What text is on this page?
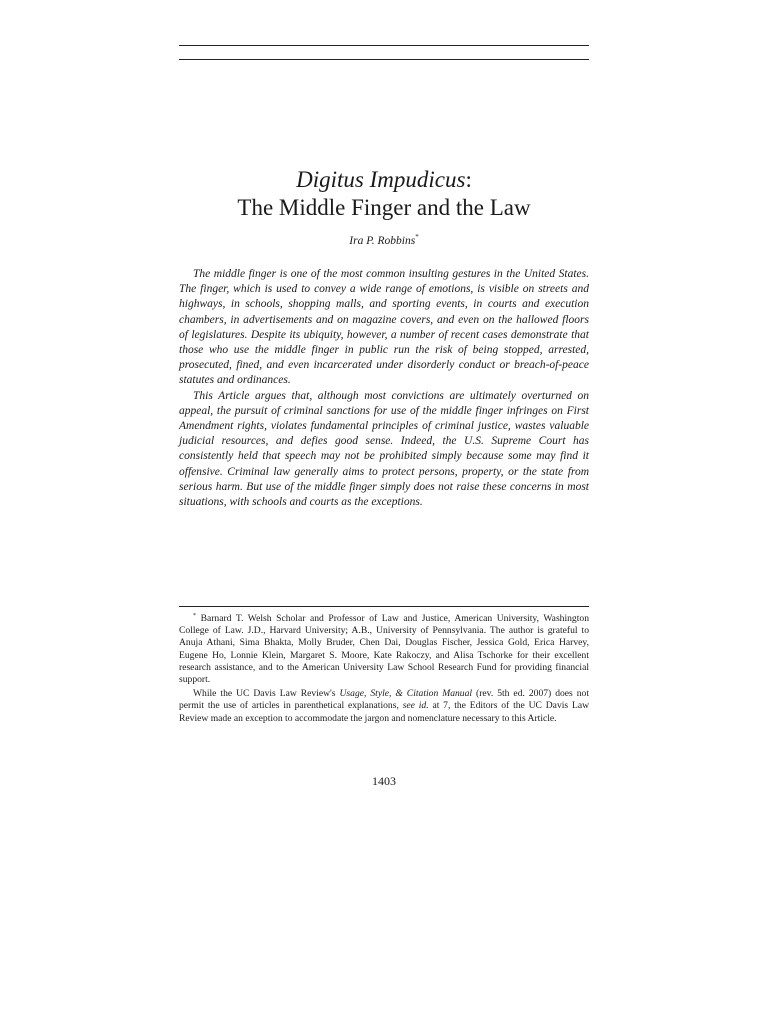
Digitus Impudicus:
The Middle Finger and the Law
Ira P. Robbins*

The middle finger is one of the most common insulting gestures in the United States. The finger, which is used to convey a wide range of emotions, is visible on streets and highways, in schools, shopping malls, and sporting events, in courts and execution chambers, in advertisements and on magazine covers, and even on the hallowed floors of legislatures. Despite its ubiquity, however, a number of recent cases demonstrate that those who use the middle finger in public run the risk of being stopped, arrested, prosecuted, fined, and even incarcerated under disorderly conduct or breach-of-peace statutes and ordinances.

This Article argues that, although most convictions are ultimately overturned on appeal, the pursuit of criminal sanctions for use of the middle finger infringes on First Amendment rights, violates fundamental principles of criminal justice, wastes valuable judicial resources, and defies good sense. Indeed, the U.S. Supreme Court has consistently held that speech may not be prohibited simply because some may find it offensive. Criminal law generally aims to protect persons, property, or the state from serious harm. But use of the middle finger simply does not raise these concerns in most situations, with schools and courts as the exceptions.

* Barnard T. Welsh Scholar and Professor of Law and Justice, American University, Washington College of Law. J.D., Harvard University; A.B., University of Pennsylvania. The author is grateful to Anuja Athani, Sima Bhakta, Molly Bruder, Chen Dai, Douglas Fischer, Jessica Gold, Erica Harvey, Eugene Ho, Lonnie Klein, Margaret S. Moore, Kate Rakoczy, and Alisa Tschorke for their excellent research assistance, and to the American University Law School Research Fund for providing financial support.

While the UC Davis Law Review's Usage, Style, & Citation Manual (rev. 5th ed. 2007) does not permit the use of articles in parenthetical explanations, see id. at 7, the Editors of the UC Davis Law Review made an exception to accommodate the jargon and nomenclature necessary to this Article.

1403
